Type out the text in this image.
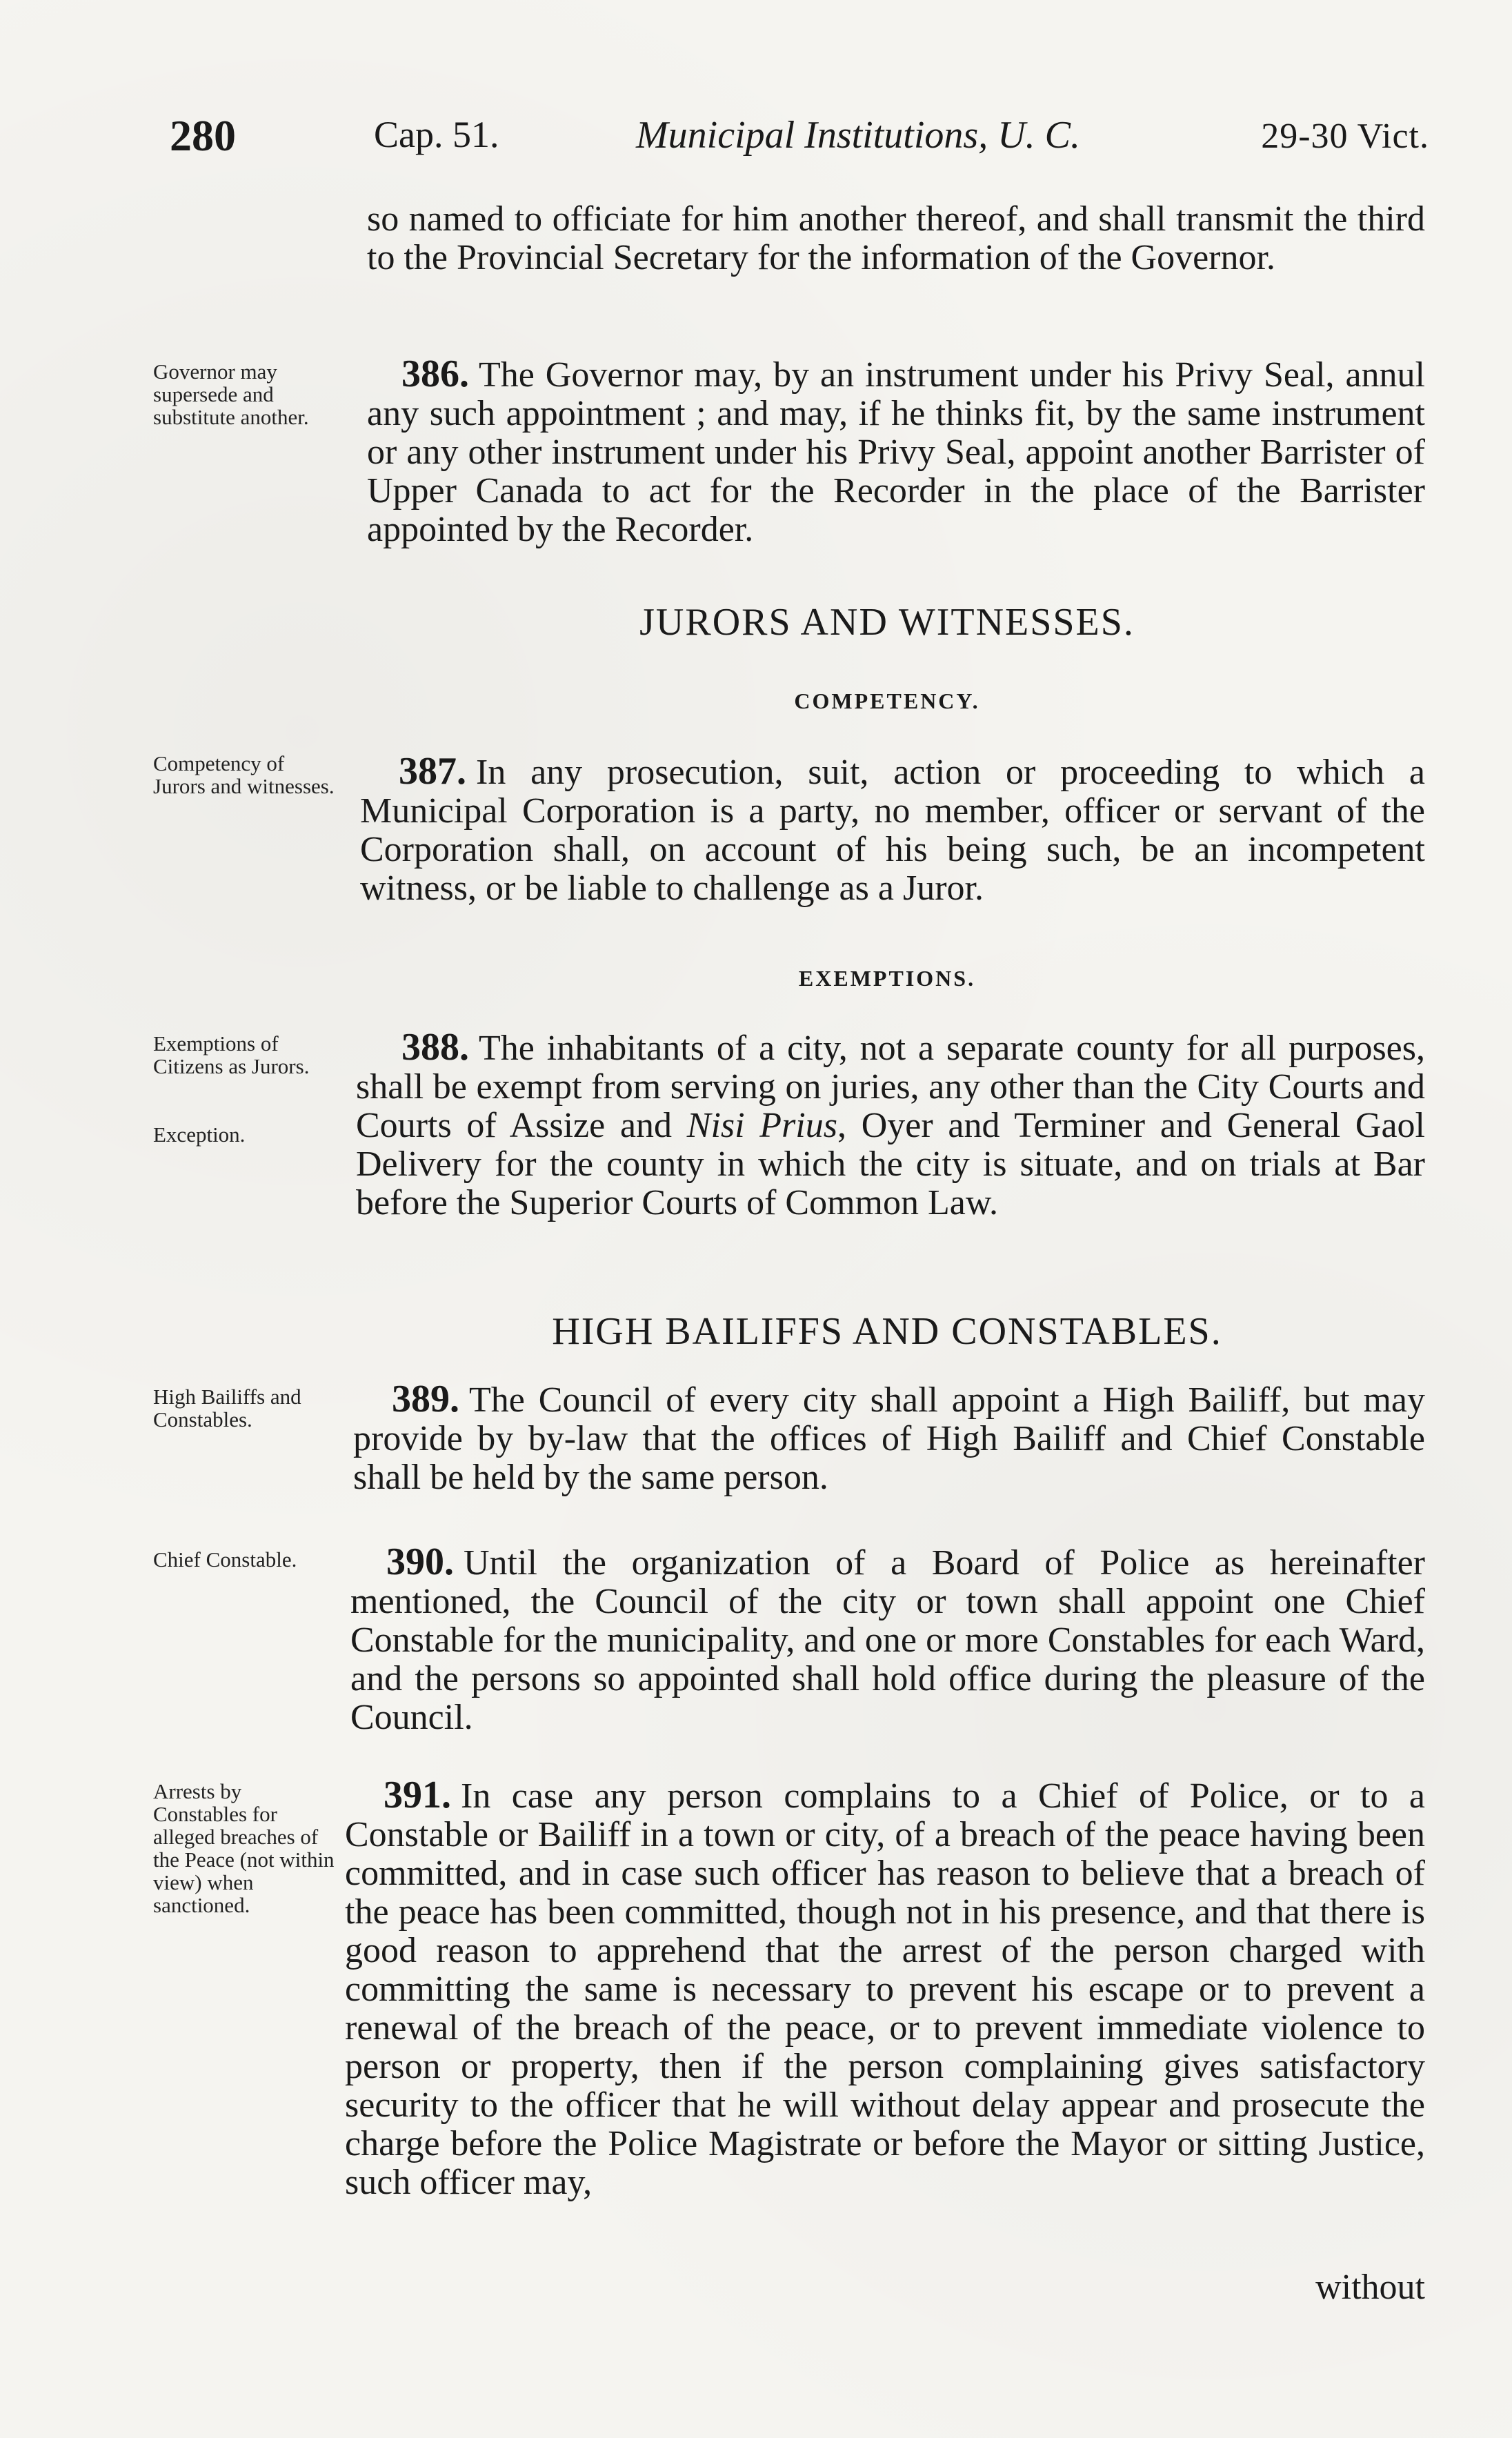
280	Cap. 51.	Municipal Institutions, U. C.	29-30 Vict.

so named to officiate for him another thereof, and shall transmit the third to the Provincial Secretary for the information of the Governor.

Governor may supersede and substitute another.

386. The Governor may, by an instrument under his Privy Seal, annul any such appointment ; and may, if he thinks fit, by the same instrument or any other instrument under his Privy Seal, appoint another Barrister of Upper Canada to act for the Recorder in the place of the Barrister appointed by the Recorder.

JURORS AND WITNESSES.
COMPETENCY.
Competency of Jurors and witnesses.	387. In any prosecution, suit, action or proceeding to which a Municipal Corporation is a party, no member, officer or servant of the Corporation shall, on account of his being such, be an incompetent witness, or be liable to challenge as a Juror.

EXEMPTIONS.
Exemptions of Citizens as Jurors.
Exception.

388. The inhabitants of a city, not a separate county for all purposes, shall be exempt from serving on juries, any other than the City Courts and Courts of Assize and Nisi Prius, Oyer and Terminer and General Gaol Delivery for the county in which the city is situate, and on trials at Bar before the Superior Courts of Common Law.

HIGH BAILIFFS AND CONSTABLES.
High Bailiffs and Constables.	389. The Council of every city shall appoint a High Bailiff, but may provide by by-law that the offices of High Bailiff and Chief Constable shall be held by the same person.

Chief Constable.	390. Until the organization of a Board of Police as hereinafter mentioned, the Council of the city or town shall appoint one Chief Constable for the municipality, and one or more Constables for each Ward, and the persons so appointed shall hold office during the pleasure of the Council.

Arrests by Constables for alleged breaches of the Peace (not within view) when sanctioned.

391. In case any person complains to a Chief of Police, or to a Constable or Bailiff in a town or city, of a breach of the peace having been committed, and in case such officer has reason to believe that a breach of the peace has been committed, though not in his presence, and that there is good reason to apprehend that the arrest of the person charged with committing the same is necessary to prevent his escape or to prevent a renewal of the breach of the peace, or to prevent immediate violence to person or property, then if the person complaining gives satisfactory security to the officer that he will without delay appear and prosecute the charge before the Police Magistrate or before the Mayor or sitting Justice, such officer may,

without
